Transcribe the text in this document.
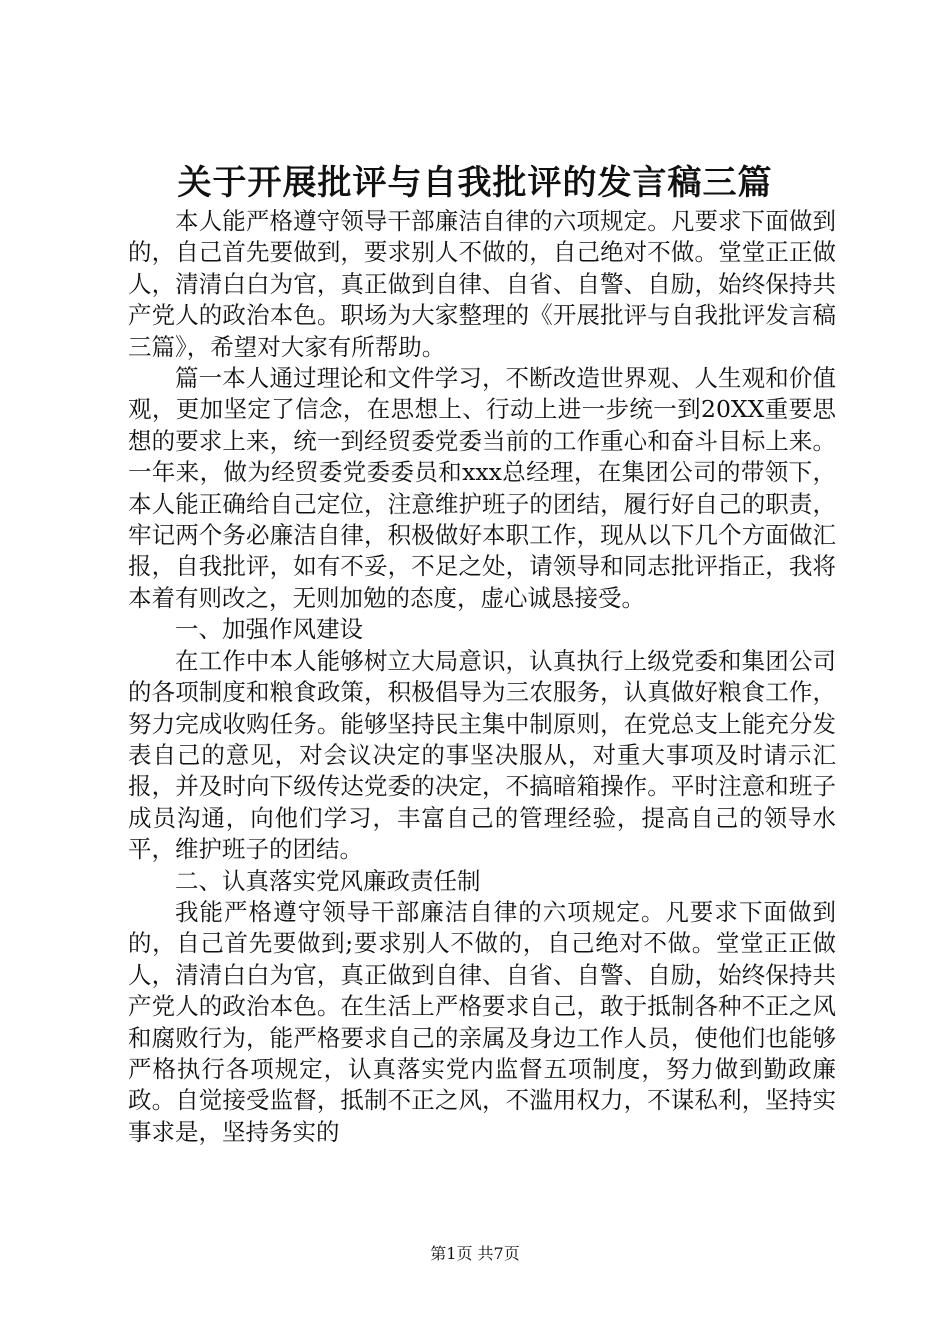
关于开展批评与自我批评的发言稿三篇

本人能严格遵守领导干部廉洁自律的六项规定。凡要求下面做到的，自己首先要做到，要求别人不做的，自己绝对不做。堂堂正正做人，清清白白为官，真正做到自律、自省、自警、自励，始终保持共产党人的政治本色。职场为大家整理的《开展批评与自我批评发言稿三篇》，希望对大家有所帮助。

篇一本人通过理论和文件学习，不断改造世界观、人生观和价值观，更加坚定了信念，在思想上、行动上进一步统一到20XX重要思想的要求上来，统一到经贸委党委当前的工作重心和奋斗目标上来。一年来，做为经贸委党委委员和xxx总经理，在集团公司的带领下，本人能正确给自己定位，注意维护班子的团结，履行好自己的职责，牢记两个务必廉洁自律，积极做好本职工作，现从以下几个方面做汇报，自我批评，如有不妥，不足之处，请领导和同志批评指正，我将本着有则改之，无则加勉的态度，虚心诚恳接受。

一、加强作风建设

在工作中本人能够树立大局意识，认真执行上级党委和集团公司的各项制度和粮食政策，积极倡导为三农服务，认真做好粮食工作，努力完成收购任务。能够坚持民主集中制原则，在党总支上能充分发表自己的意见，对会议决定的事坚决服从，对重大事项及时请示汇报，并及时向下级传达党委的决定，不搞暗箱操作。平时注意和班子成员沟通，向他们学习，丰富自己的管理经验，提高自己的领导水平，维护班子的团结。

二、认真落实党风廉政责任制

我能严格遵守领导干部廉洁自律的六项规定。凡要求下面做到的，自己首先要做到;要求别人不做的，自己绝对不做。堂堂正正做人，清清白白为官，真正做到自律、自省、自警、自励，始终保持共产党人的政治本色。在生活上严格要求自己，敢于抵制各种不正之风和腐败行为，能严格要求自己的亲属及身边工作人员，使他们也能够严格执行各项规定，认真落实党内监督五项制度，努力做到勤政廉政。自觉接受监督，抵制不正之风，不滥用权力，不谋私利，坚持实事求是，坚持务实的

第1页 共7页
